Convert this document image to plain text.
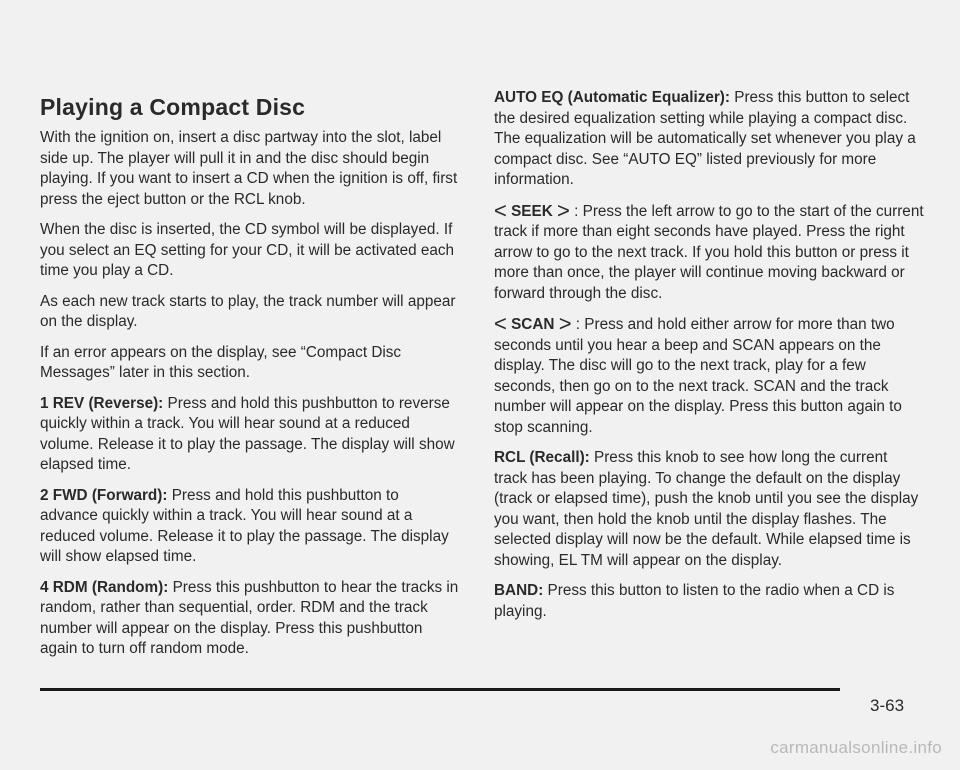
Playing a Compact Disc

With the ignition on, insert a disc partway into the slot, label side up. The player will pull it in and the disc should begin playing. If you want to insert a CD when the ignition is off, first press the eject button or the RCL knob.

When the disc is inserted, the CD symbol will be displayed. If you select an EQ setting for your CD, it will be activated each time you play a CD.

As each new track starts to play, the track number will appear on the display.

If an error appears on the display, see “Compact Disc Messages” later in this section.

1 REV (Reverse): Press and hold this pushbutton to reverse quickly within a track. You will hear sound at a reduced volume. Release it to play the passage. The display will show elapsed time.

2 FWD (Forward): Press and hold this pushbutton to advance quickly within a track. You will hear sound at a reduced volume. Release it to play the passage. The display will show elapsed time.

4 RDM (Random): Press this pushbutton to hear the tracks in random, rather than sequential, order. RDM and the track number will appear on the display. Press this pushbutton again to turn off random mode.

AUTO EQ (Automatic Equalizer): Press this button to select the desired equalization setting while playing a compact disc. The equalization will be automatically set whenever you play a compact disc. See “AUTO EQ” listed previously for more information.

< SEEK > : Press the left arrow to go to the start of the current track if more than eight seconds have played. Press the right arrow to go to the next track. If you hold this button or press it more than once, the player will continue moving backward or forward through the disc.

< SCAN > : Press and hold either arrow for more than two seconds until you hear a beep and SCAN appears on the display. The disc will go to the next track, play for a few seconds, then go on to the next track. SCAN and the track number will appear on the display. Press this button again to stop scanning.

RCL (Recall): Press this knob to see how long the current track has been playing. To change the default on the display (track or elapsed time), push the knob until you see the display you want, then hold the knob until the display flashes. The selected display will now be the default. While elapsed time is showing, EL TM will appear on the display.

BAND: Press this button to listen to the radio when a CD is playing.

3-63
carmanualsonline.info
